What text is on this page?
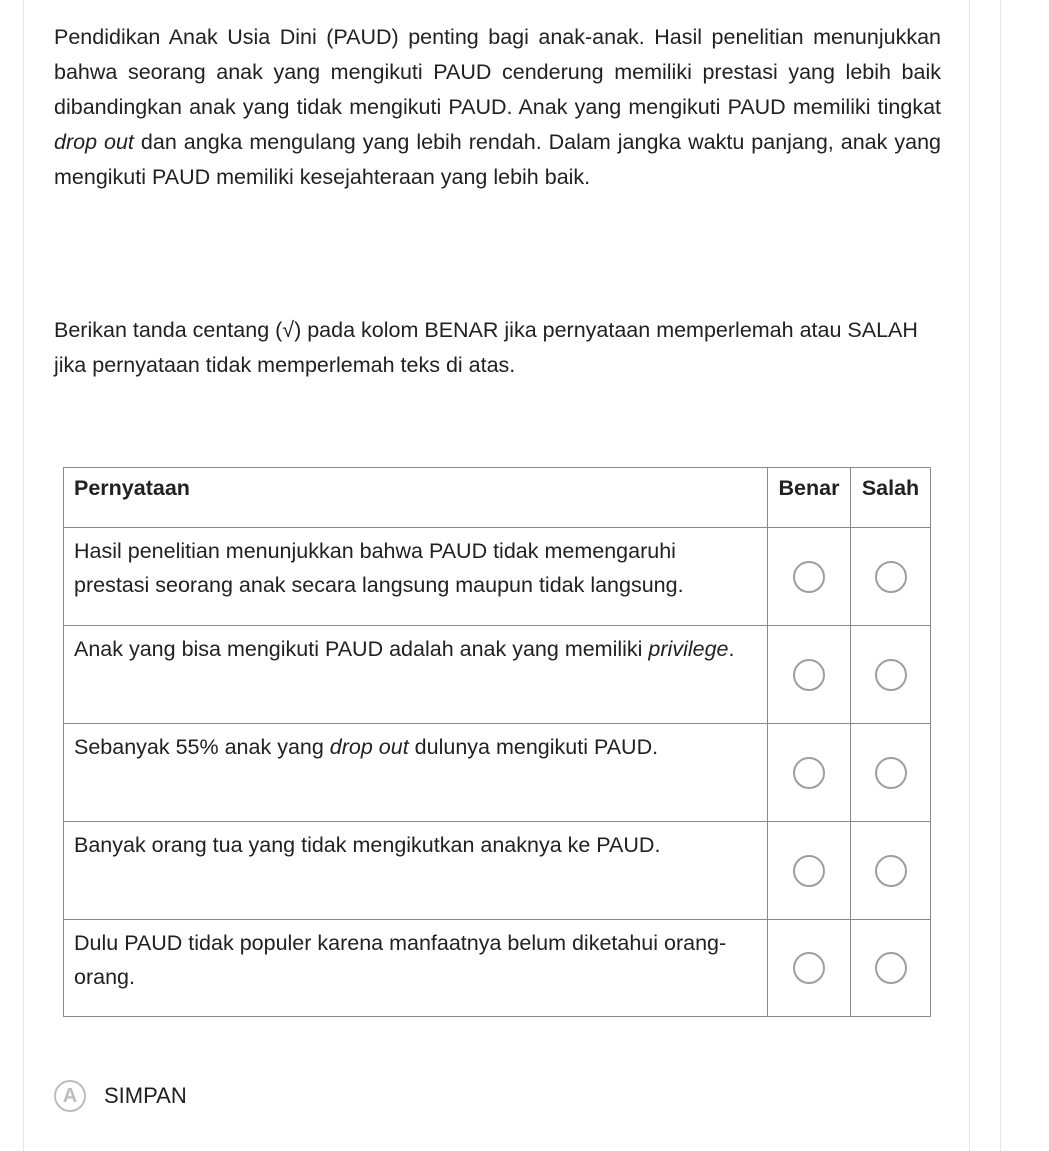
Pendidikan Anak Usia Dini (PAUD) penting bagi anak-anak. Hasil penelitian menunjukkan bahwa seorang anak yang mengikuti PAUD cenderung memiliki prestasi yang lebih baik dibandingkan anak yang tidak mengikuti PAUD. Anak yang mengikuti PAUD memiliki tingkat drop out dan angka mengulang yang lebih rendah. Dalam jangka waktu panjang, anak yang mengikuti PAUD memiliki kesejahteraan yang lebih baik.

Berikan tanda centang (√) pada kolom BENAR jika pernyataan memperlemah atau SALAH jika pernyataan tidak memperlemah teks di atas.

Pernyataan	Benar	Salah
Hasil penelitian menunjukkan bahwa PAUD tidak memengaruhi prestasi seorang anak secara langsung maupun tidak langsung.		
Anak yang bisa mengikuti PAUD adalah anak yang memiliki privilege.		
Sebanyak 55% anak yang drop out dulunya mengikuti PAUD.		
Banyak orang tua yang tidak mengikutkan anaknya ke PAUD.		
Dulu PAUD tidak populer karena manfaatnya belum diketahui orang-orang.		
A	SIMPAN
